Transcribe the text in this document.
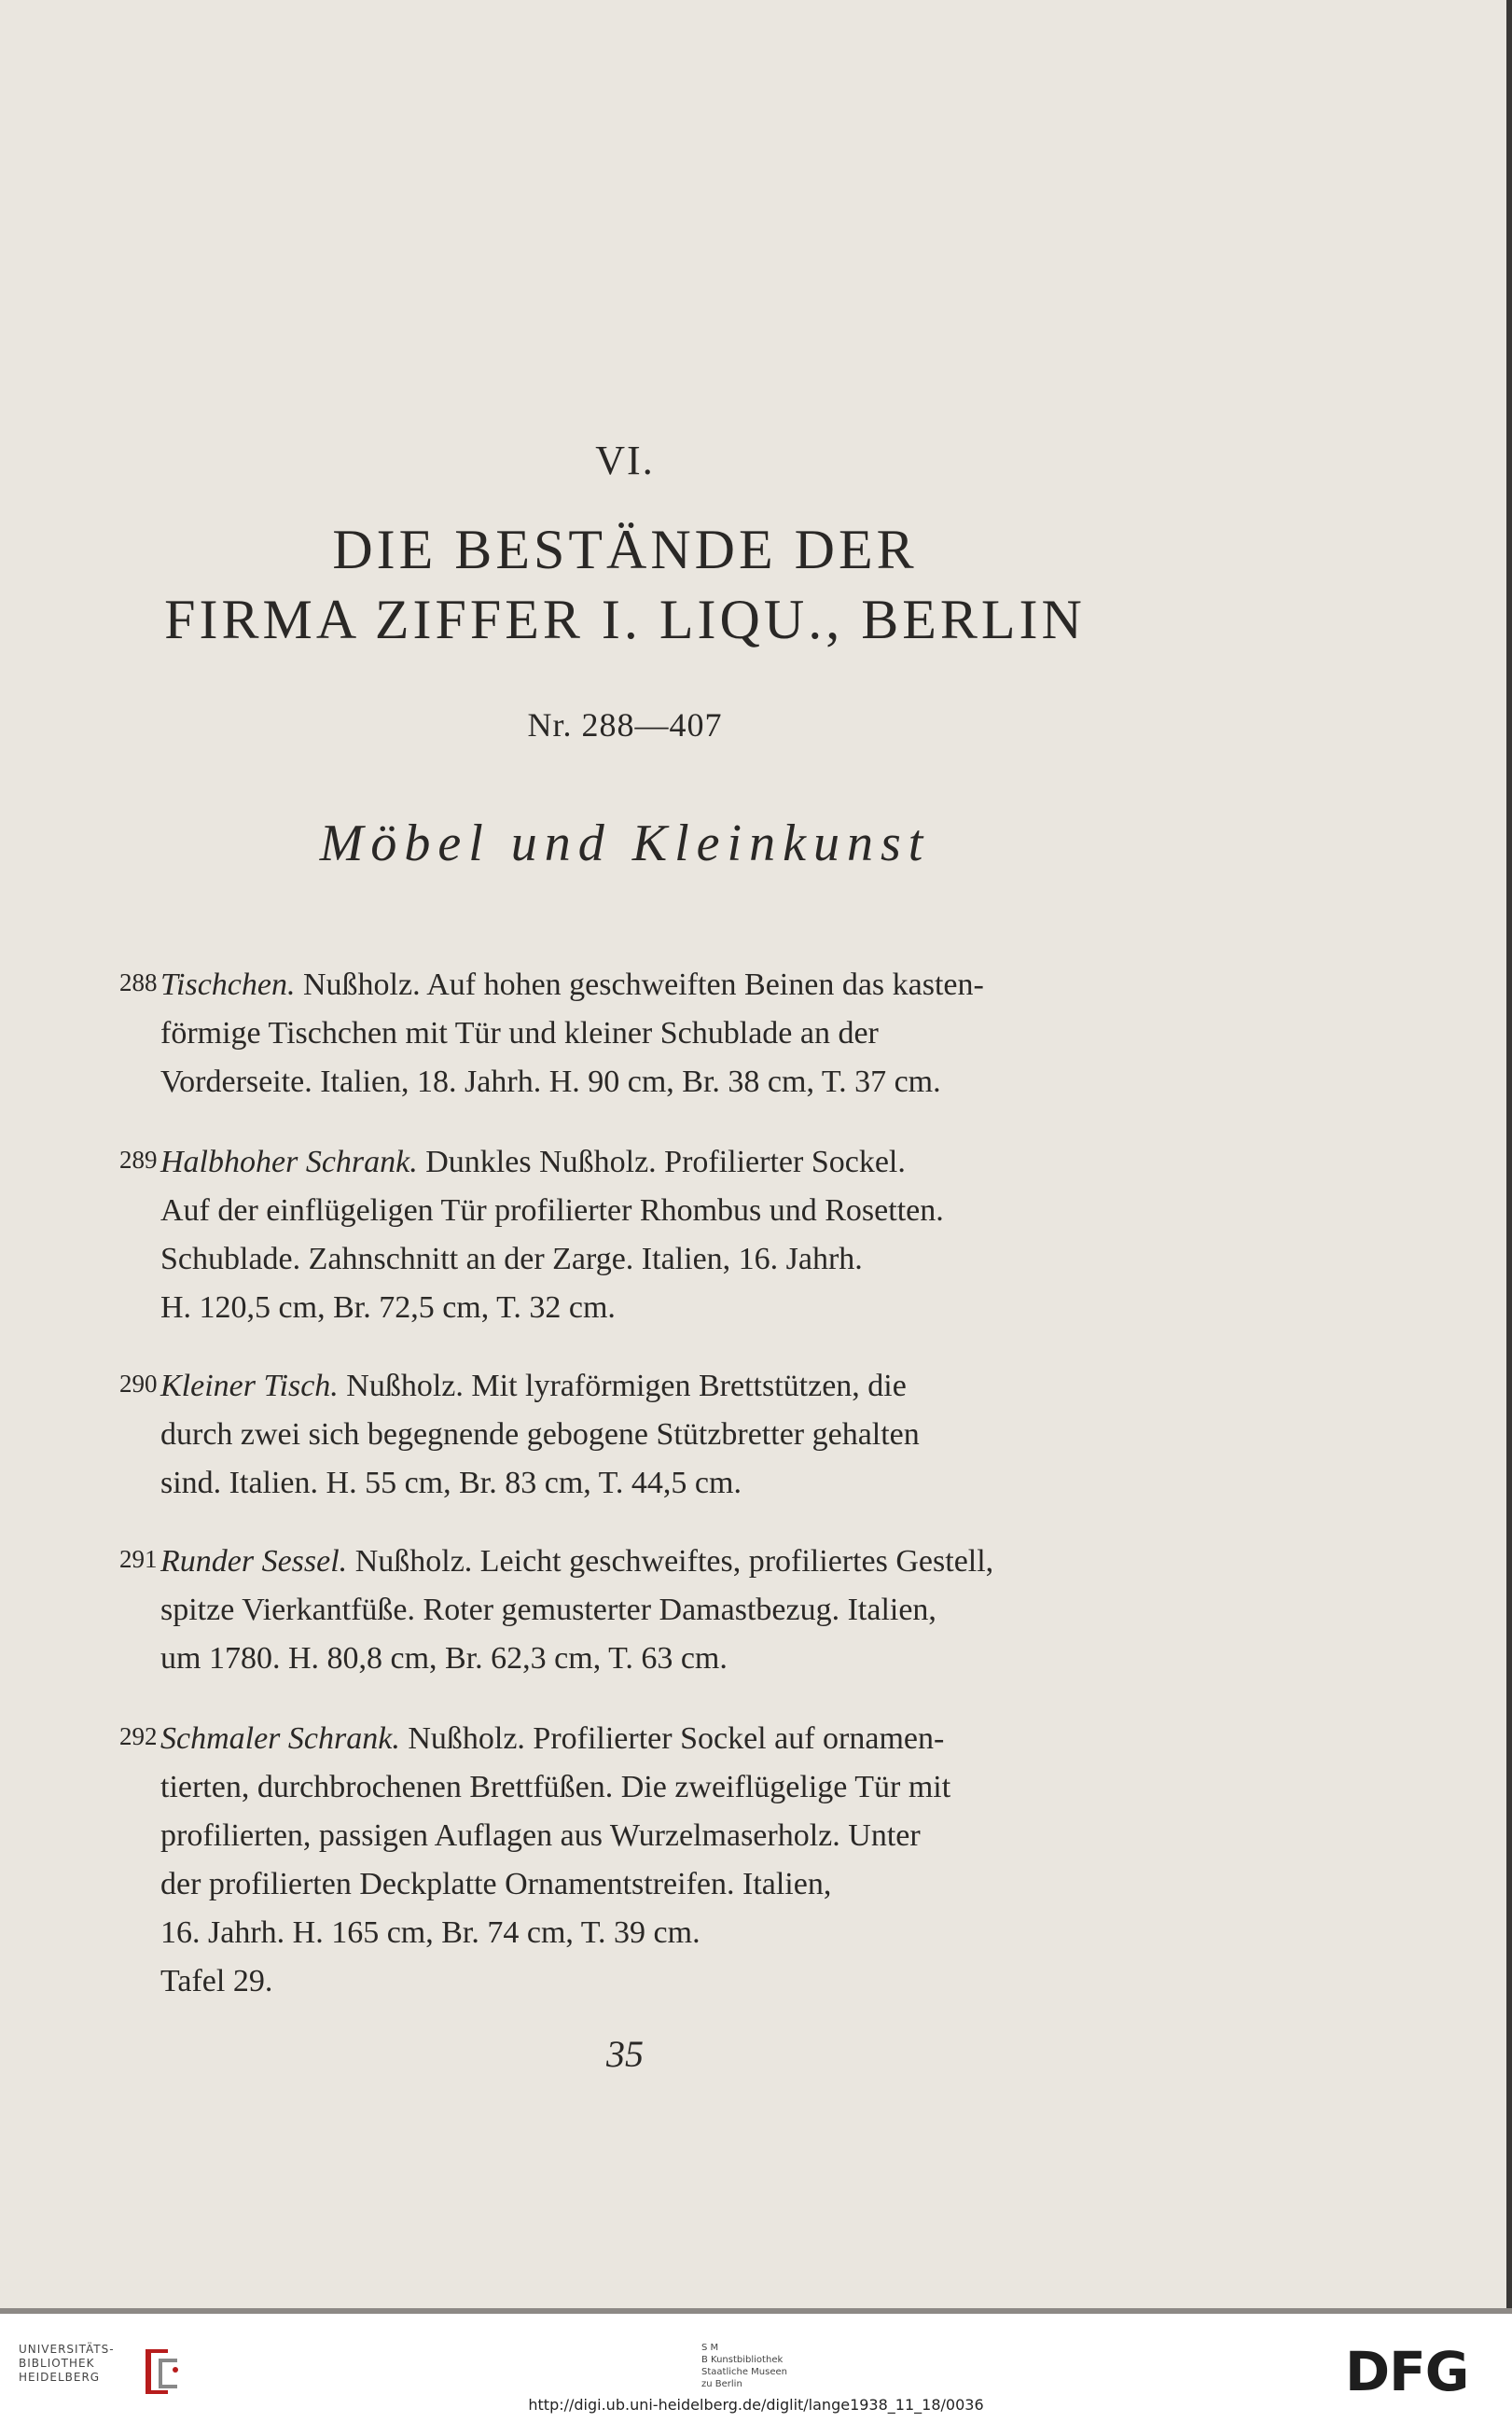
VI.
DIE BESTÄNDE DER
FIRMA ZIFFER I. LIQU., BERLIN
Nr. 288—407
Möbel und Kleinkunst
288 Tischchen. Nußholz. Auf hohen geschweiften Beinen das kasten-

förmige Tischchen mit Tür und kleiner Schublade an der

Vorderseite. Italien, 18. Jahrh. H. 90 cm, Br. 38 cm, T. 37 cm.

289 Halbhoher Schrank. Dunkles Nußholz. Profilierter Sockel.

Auf der einflügeligen Tür profilierter Rhombus und Rosetten.

Schublade. Zahnschnitt an der Zarge. Italien, 16. Jahrh.

H. 120,5 cm, Br. 72,5 cm, T. 32 cm.

290 Kleiner Tisch. Nußholz. Mit lyraförmigen Brettstützen, die

durch zwei sich begegnende gebogene Stützbretter gehalten

sind. Italien. H. 55 cm, Br. 83 cm, T. 44,5 cm.

291 Runder Sessel. Nußholz. Leicht geschweiftes, profiliertes Gestell,

spitze Vierkantfüße. Roter gemusterter Damastbezug. Italien,

um 1780. H. 80,8 cm, Br. 62,3 cm, T. 63 cm.

292 Schmaler Schrank. Nußholz. Profilierter Sockel auf ornamen-

tierten, durchbrochenen Brettfüßen. Die zweiflügelige Tür mit

profilierten, passigen Auflagen aus Wurzelmaserholz. Unter

der profilierten Deckplatte Ornamentstreifen. Italien,

16. Jahrh. H. 165 cm, Br. 74 cm, T. 39 cm.

Tafel 29.

35
UNIVERSITÄTS-
BIBLIOTHEK
HEIDELBERG
S M
B Kunstbibliothek
Staatliche Museen
zu Berlin	DFG
http://digi.ub.uni-heidelberg.de/diglit/lange1938_11_18/0036
